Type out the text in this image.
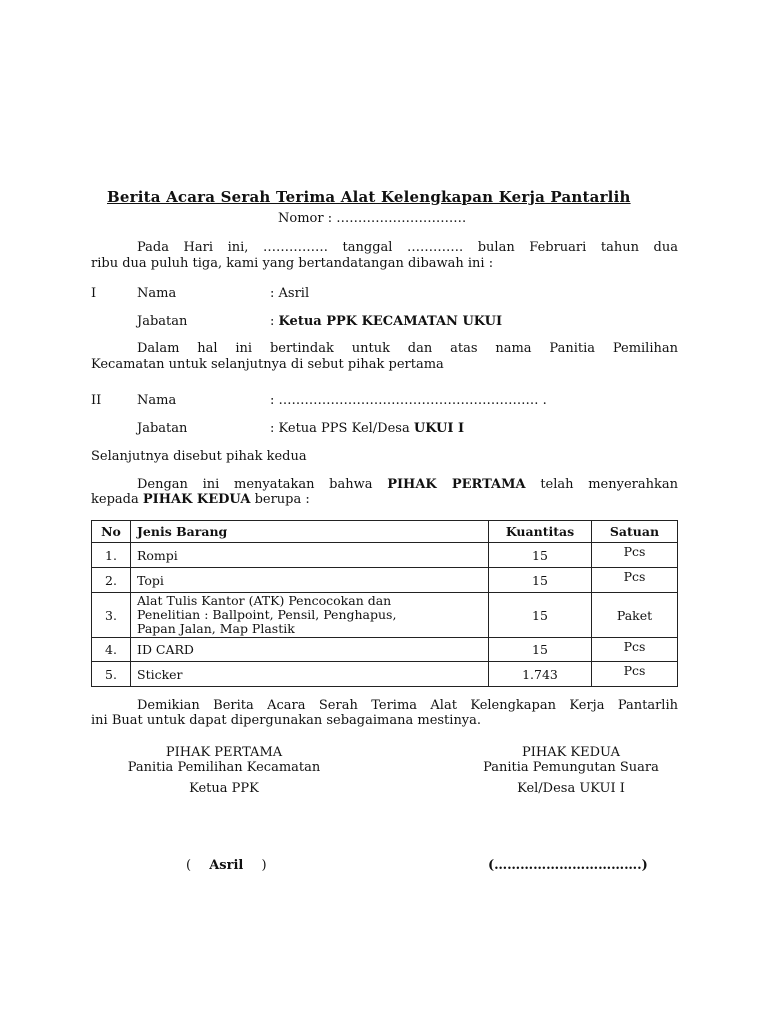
Berita Acara Serah Terima Alat Kelengkapan Kerja Pantarlih
Nomor : …………………………
Pada Hari ini, …………… tanggal …………. bulan Februari tahun dua
ribu dua puluh tiga, kami yang bertandatangan dibawah ini :
I	Nama	: Asril
Jabatan	: Ketua PPK KECAMATAN UKUI
Dalam hal ini bertindak untuk dan atas nama Panitia Pemilihan
Kecamatan untuk selanjutnya di sebut pihak pertama
II	Nama	: …………………………………………………… .
Jabatan	: Ketua PPS Kel/Desa UKUI I
Selanjutnya disebut pihak kedua
Dengan ini menyatakan bahwa PIHAK PERTAMA telah menyerahkan
kepada PIHAK KEDUA berupa :
No	Jenis Barang	Kuantitas	Satuan
1.	Rompi	15	Pcs
2.	Topi	15	Pcs
3.	Alat Tulis Kantor (ATK) Pencocokan dan
Penelitian : Ballpoint, Pensil, Penghapus,
Papan Jalan, Map Plastik	15	Paket
4.	ID CARD	15	Pcs
5.	Sticker	1.743	Pcs
Demikian Berita Acara Serah Terima Alat Kelengkapan Kerja Pantarlih
ini Buat untuk dapat dipergunakan sebagaimana mestinya.
PIHAK PERTAMA
Panitia Pemilihan Kecamatan
Ketua PPK
( Asril )
PIHAK KEDUA
Panitia Pemungutan Suara
Kel/Desa UKUI I
(…………………………….)
